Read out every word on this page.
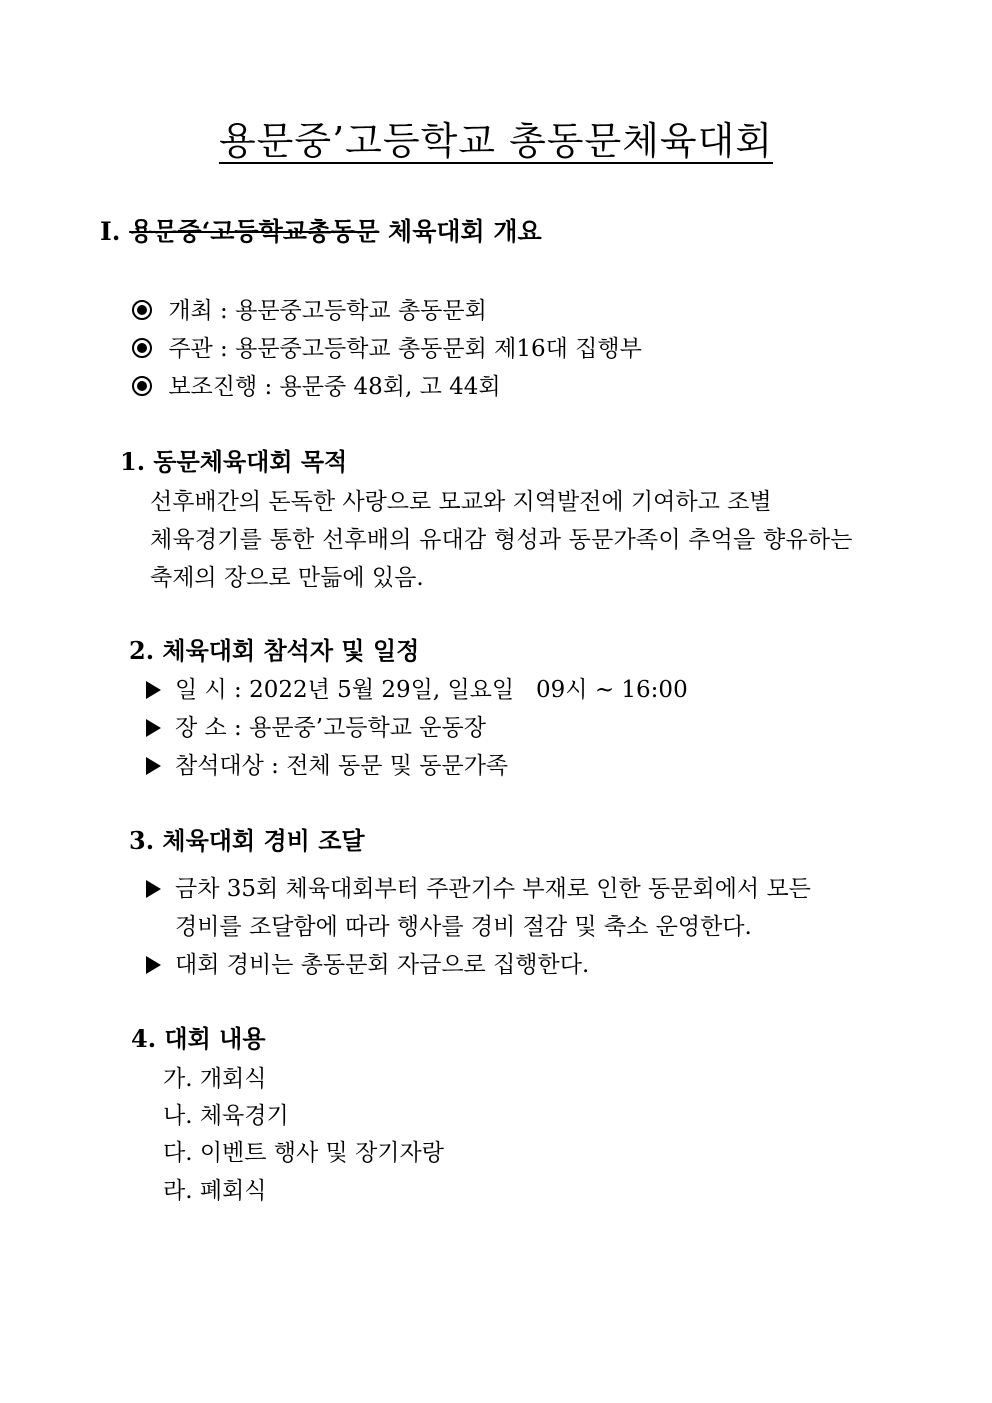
용문중’고등학교 총동문체육대회
Ⅰ. 용문중‘고등학교총동문 체육대회 개요
개최 : 용문중고등학교 총동문회
주관 : 용문중고등학교 총동문회 제16대 집행부
보조진행 : 용문중 48회, 고 44회
1. 동문체육대회 목적
선후배간의 돈독한 사랑으로 모교와 지역발전에 기여하고 조별
체육경기를 통한 선후배의 유대감 형성과 동문가족이 추억을 향유하는
축제의 장으로 만듦에 있음.
2. 체육대회 참석자 및 일정
일 시 : 2022년 5월 29일, 일요일   09시 ~ 16:00
장 소 : 용문중’고등학교 운동장
참석대상 : 전체 동문 및 동문가족
3. 체육대회 경비 조달
금차 35회 체육대회부터 주관기수 부재로 인한 동문회에서 모든
경비를 조달함에 따라 행사를 경비 절감 및 축소 운영한다.
대회 경비는 총동문회 자금으로 집행한다.
4. 대회 내용
가. 개회식
나. 체육경기
다. 이벤트 행사 및 장기자랑
라. 폐회식
